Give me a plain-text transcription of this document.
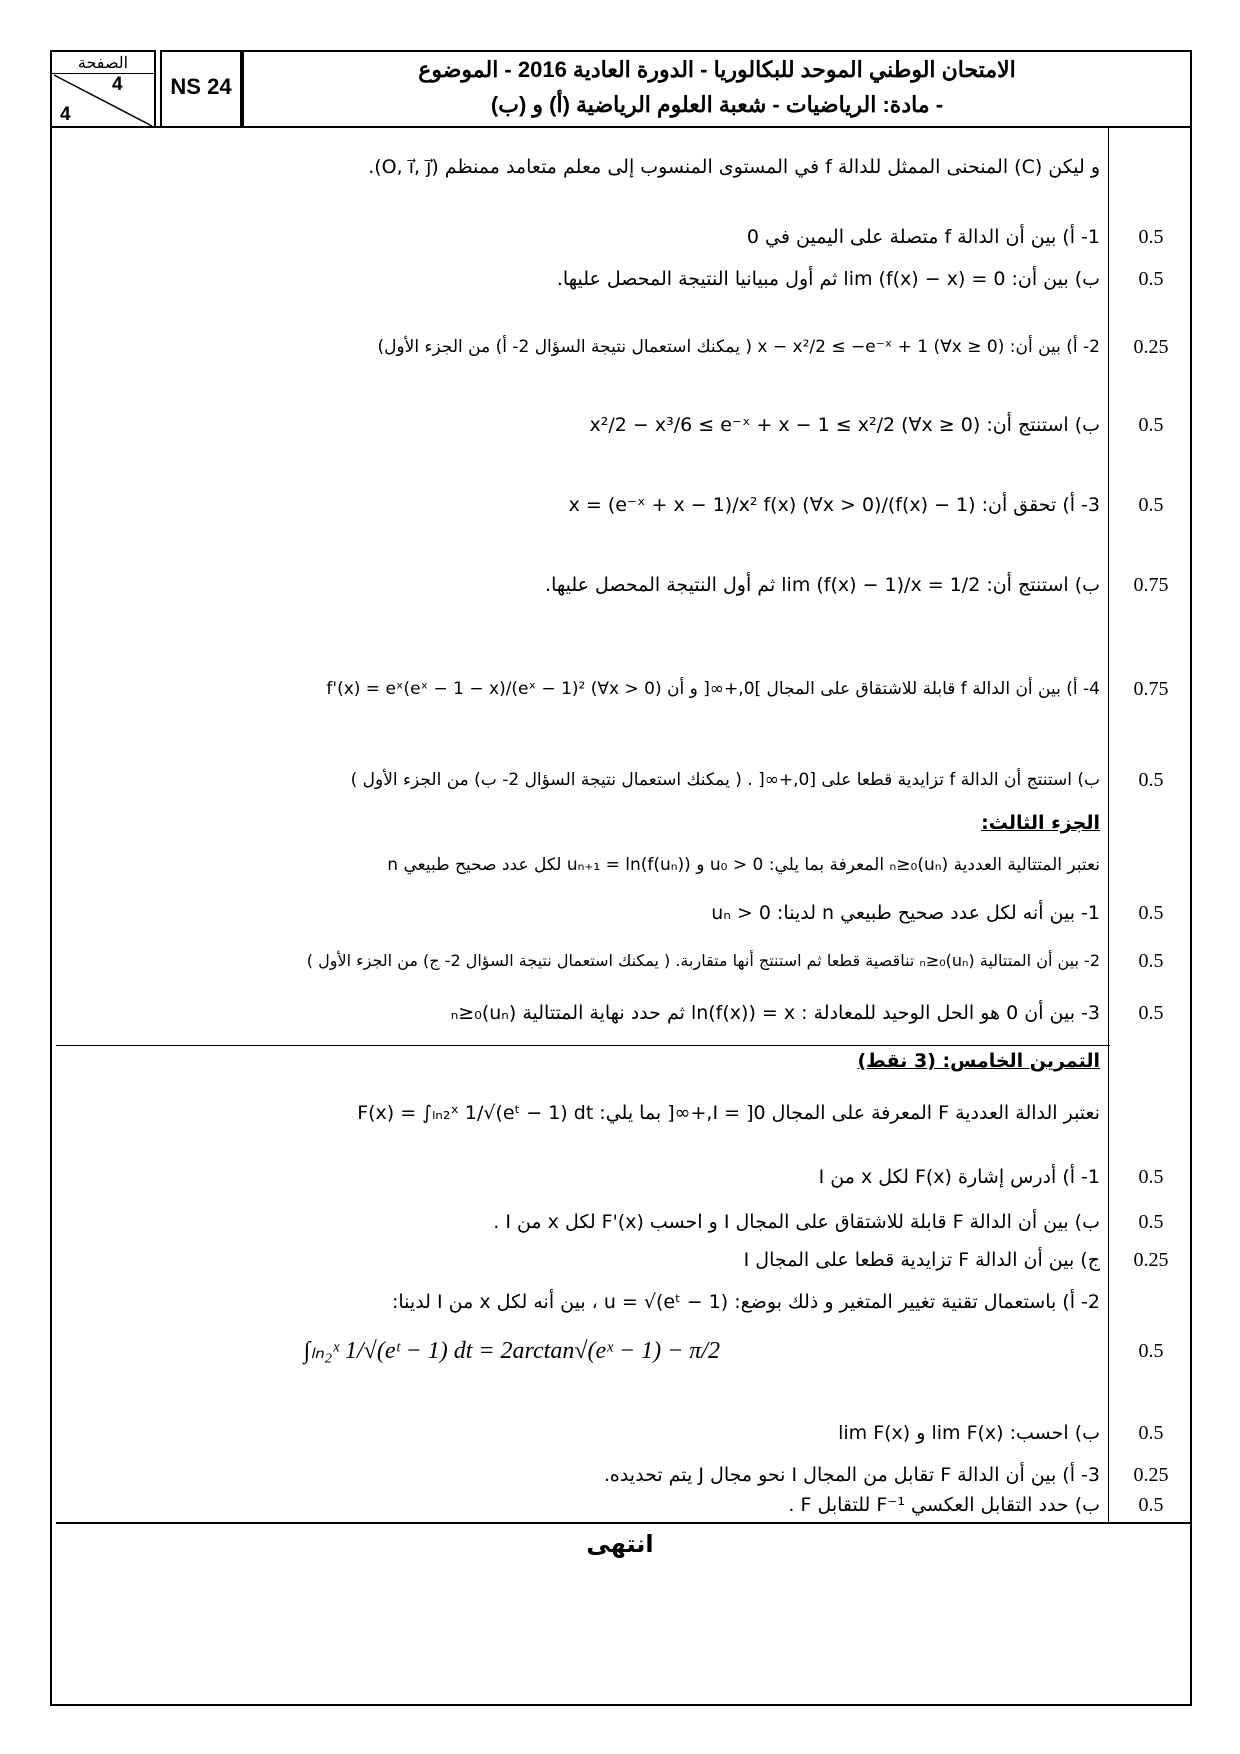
الصفحة
4
4
NS 24
الامتحان الوطني الموحد للبكالوريا - الدورة العادية 2016 - الموضوع
- مادة: الرياضيات - شعبة العلوم الرياضية (أ) و (ب)
و ليكن (C) المنحنى الممثل للدالة f في المستوى المنسوب إلى معلم متعامد ممنظم (O, i⃗, j⃗).
1- أ) بين أن الدالة f متصلة على اليمين في 0	0.5
ب) بين أن: 0 = lim (f(x) − x) ثم أول مبيانيا النتيجة المحصل عليها.	0.5
2- أ) بين أن: x − x²/2 ≤ −e⁻ˣ + 1 (∀x ≥ 0) ( يمكنك استعمال نتيجة السؤال 2- أ) من الجزء الأول)	0.25
ب) استنتج أن: x²/2 − x³/6 ≤ e⁻ˣ + x − 1 ≤ x²/2 (∀x ≥ 0)	0.5
3- أ) تحقق أن: (f(x) − 1)/x = (e⁻ˣ + x − 1)/x² f(x) (∀x > 0)	0.5
ب) استنتج أن: lim (f(x) − 1)/x = 1/2 ثم أول النتيجة المحصل عليها.	0.75
4- أ) بين أن الدالة f قابلة للاشتقاق على المجال ]0,+∞[ و أن f'(x) = eˣ(eˣ − 1 − x)/(eˣ − 1)² (∀x > 0)	0.75
ب) استنتج أن الدالة f تزايدية قطعا على [0,+∞[ . ( يمكنك استعمال نتيجة السؤال 2- ب) من الجزء الأول )	0.5
الجزء الثالث:
نعتبر المتتالية العددية (uₙ)ₙ≥₀ المعرفة بما يلي: u₀ > 0 و uₙ₊₁ = ln(f(uₙ)) لكل عدد صحيح طبيعي n
1- بين أنه لكل عدد صحيح طبيعي n لدينا: uₙ > 0	0.5
2- بين أن المتتالية (uₙ)ₙ≥₀ تناقصية قطعا ثم استنتج أنها متقاربة. ( يمكنك استعمال نتيجة السؤال 2- ج) من الجزء الأول )	0.5
3- بين أن 0 هو الحل الوحيد للمعادلة : ln(f(x)) = x ثم حدد نهاية المتتالية (uₙ)ₙ≥₀	0.5
التمرين الخامس: (3 نقط)
نعتبر الدالة العددية F المعرفة على المجال I = ]0,+∞[ بما يلي: F(x) = ∫ₗₙ₂ˣ 1/√(eᵗ − 1) dt
1- أ) أدرس إشارة F(x) لكل x من I	0.5
ب) بين أن الدالة F قابلة للاشتقاق على المجال I و احسب F'(x) لكل x من I .	0.5
ج) بين أن الدالة F تزايدية قطعا على المجال I	0.25
2- أ) باستعمال تقنية تغيير المتغير و ذلك بوضع: u = √(eᵗ − 1) ، بين أنه لكل x من I لدينا:
∫ₗₙ₂ˣ 1/√(eᵗ − 1) dt = 2arctan√(eˣ − 1) − π/2	0.5
ب) احسب: lim F(x) و lim F(x)	0.5
3- أ) بين أن الدالة F تقابل من المجال I نحو مجال J يتم تحديده.	0.25
ب) حدد التقابل العكسي F⁻¹ للتقابل F .	0.5
انتهى
